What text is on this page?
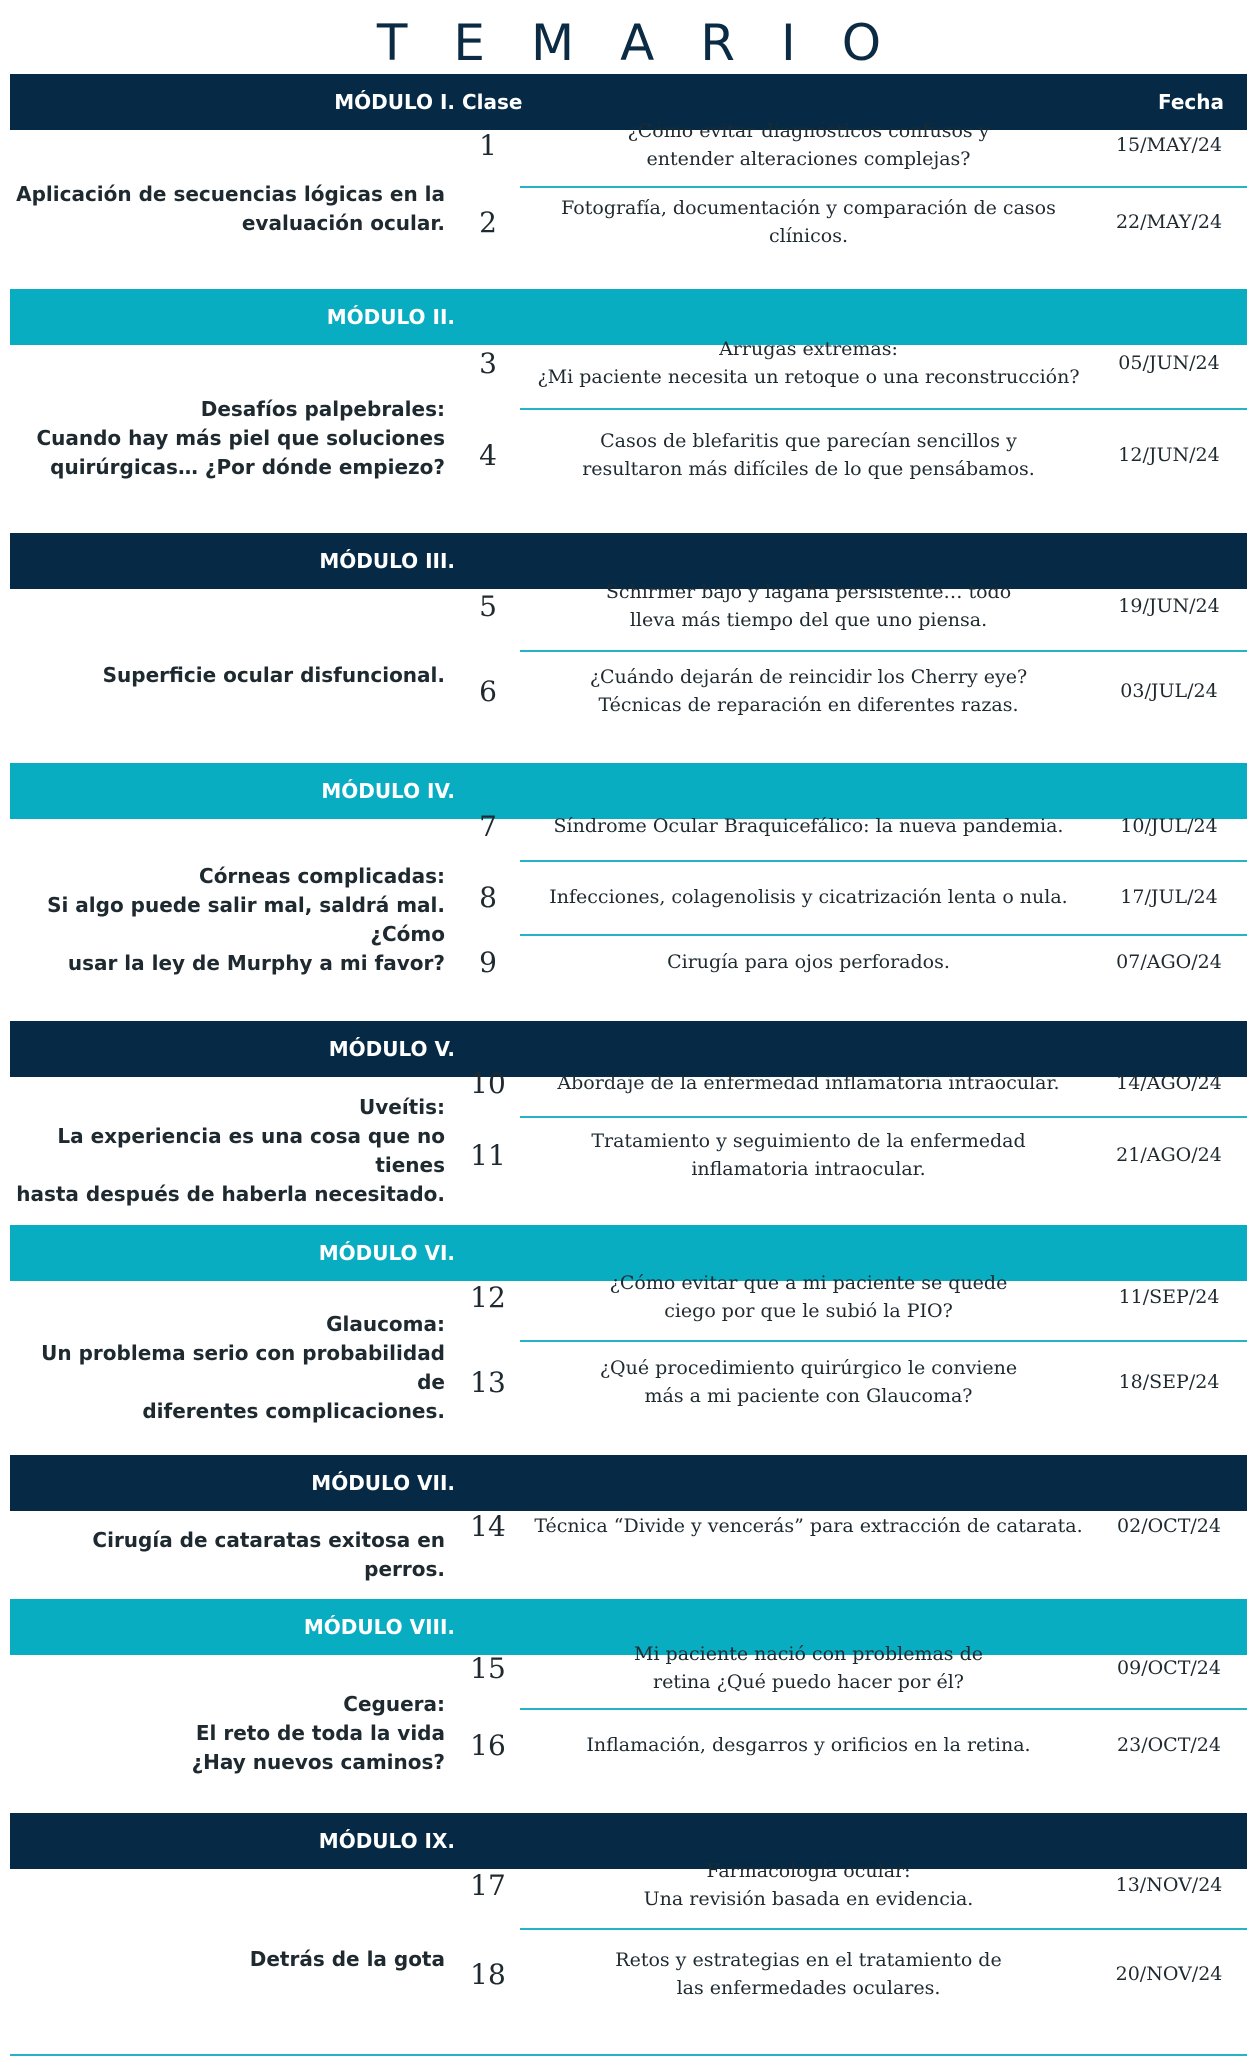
TEMARIO
MÓDULO I. Clase	Fecha
Aplicación de secuencias lógicas en la
evaluación ocular.
1	¿Cómo evitar diagnósticos confusos y
entender alteraciones complejas?
15/MAY/24
2	Fotografía, documentación y comparación de casos clínicos.
22/MAY/24
MÓDULO II.
Desafíos palpebrales:
Cuando hay más piel que soluciones
quirúrgicas… ¿Por dónde empiezo?
3	Arrugas extremas:
¿Mi paciente necesita un retoque o una reconstrucción?
05/JUN/24
4	Casos de blefaritis que parecían sencillos y
resultaron más difíciles de lo que pensábamos.
12/JUN/24
MÓDULO III.
Superficie ocular disfuncional.
5	Schirmer bajo y lagaña persistente… todo
lleva más tiempo del que uno piensa.
19/JUN/24
6	¿Cuándo dejarán de reincidir los Cherry eye?
Técnicas de reparación en diferentes razas.
03/JUL/24
MÓDULO IV.
Córneas complicadas:
Si algo puede salir mal, saldrá mal. ¿Cómo
usar la ley de Murphy a mi favor?
7	Síndrome Ocular Braquicefálico: la nueva pandemia.	10/JUL/24
8	Infecciones, colagenolisis y cicatrización lenta o nula.	17/JUL/24
9	Cirugía para ojos perforados.	07/AGO/24
MÓDULO V.
Uveítis:
La experiencia es una cosa que no tienes
hasta después de haberla necesitado.
10	Abordaje de la enfermedad inflamatoria intraocular.	14/AGO/24
11	Tratamiento y seguimiento de la enfermedad
inflamatoria intraocular.
21/AGO/24
MÓDULO VI.
Glaucoma:
Un problema serio con probabilidad de
diferentes complicaciones.
12	¿Cómo evitar que a mi paciente se quede
ciego por que le subió la PIO?
11/SEP/24
13	¿Qué procedimiento quirúrgico le conviene
más a mi paciente con Glaucoma?
18/SEP/24
MÓDULO VII.
Cirugía de cataratas exitosa en perros.
14	Técnica “Divide y vencerás” para extracción de catarata.	02/OCT/24
MÓDULO VIII.
Ceguera:
El reto de toda la vida
¿Hay nuevos caminos?
15	Mi paciente nació con problemas de
retina ¿Qué puedo hacer por él?
09/OCT/24
16	Inflamación, desgarros y orificios en la retina.	23/OCT/24
MÓDULO IX.
Detrás de la gota
17	Farmacología ocular:
Una revisión basada en evidencia.
13/NOV/24
18	Retos y estrategias en el tratamiento de
las enfermedades oculares.
20/NOV/24
